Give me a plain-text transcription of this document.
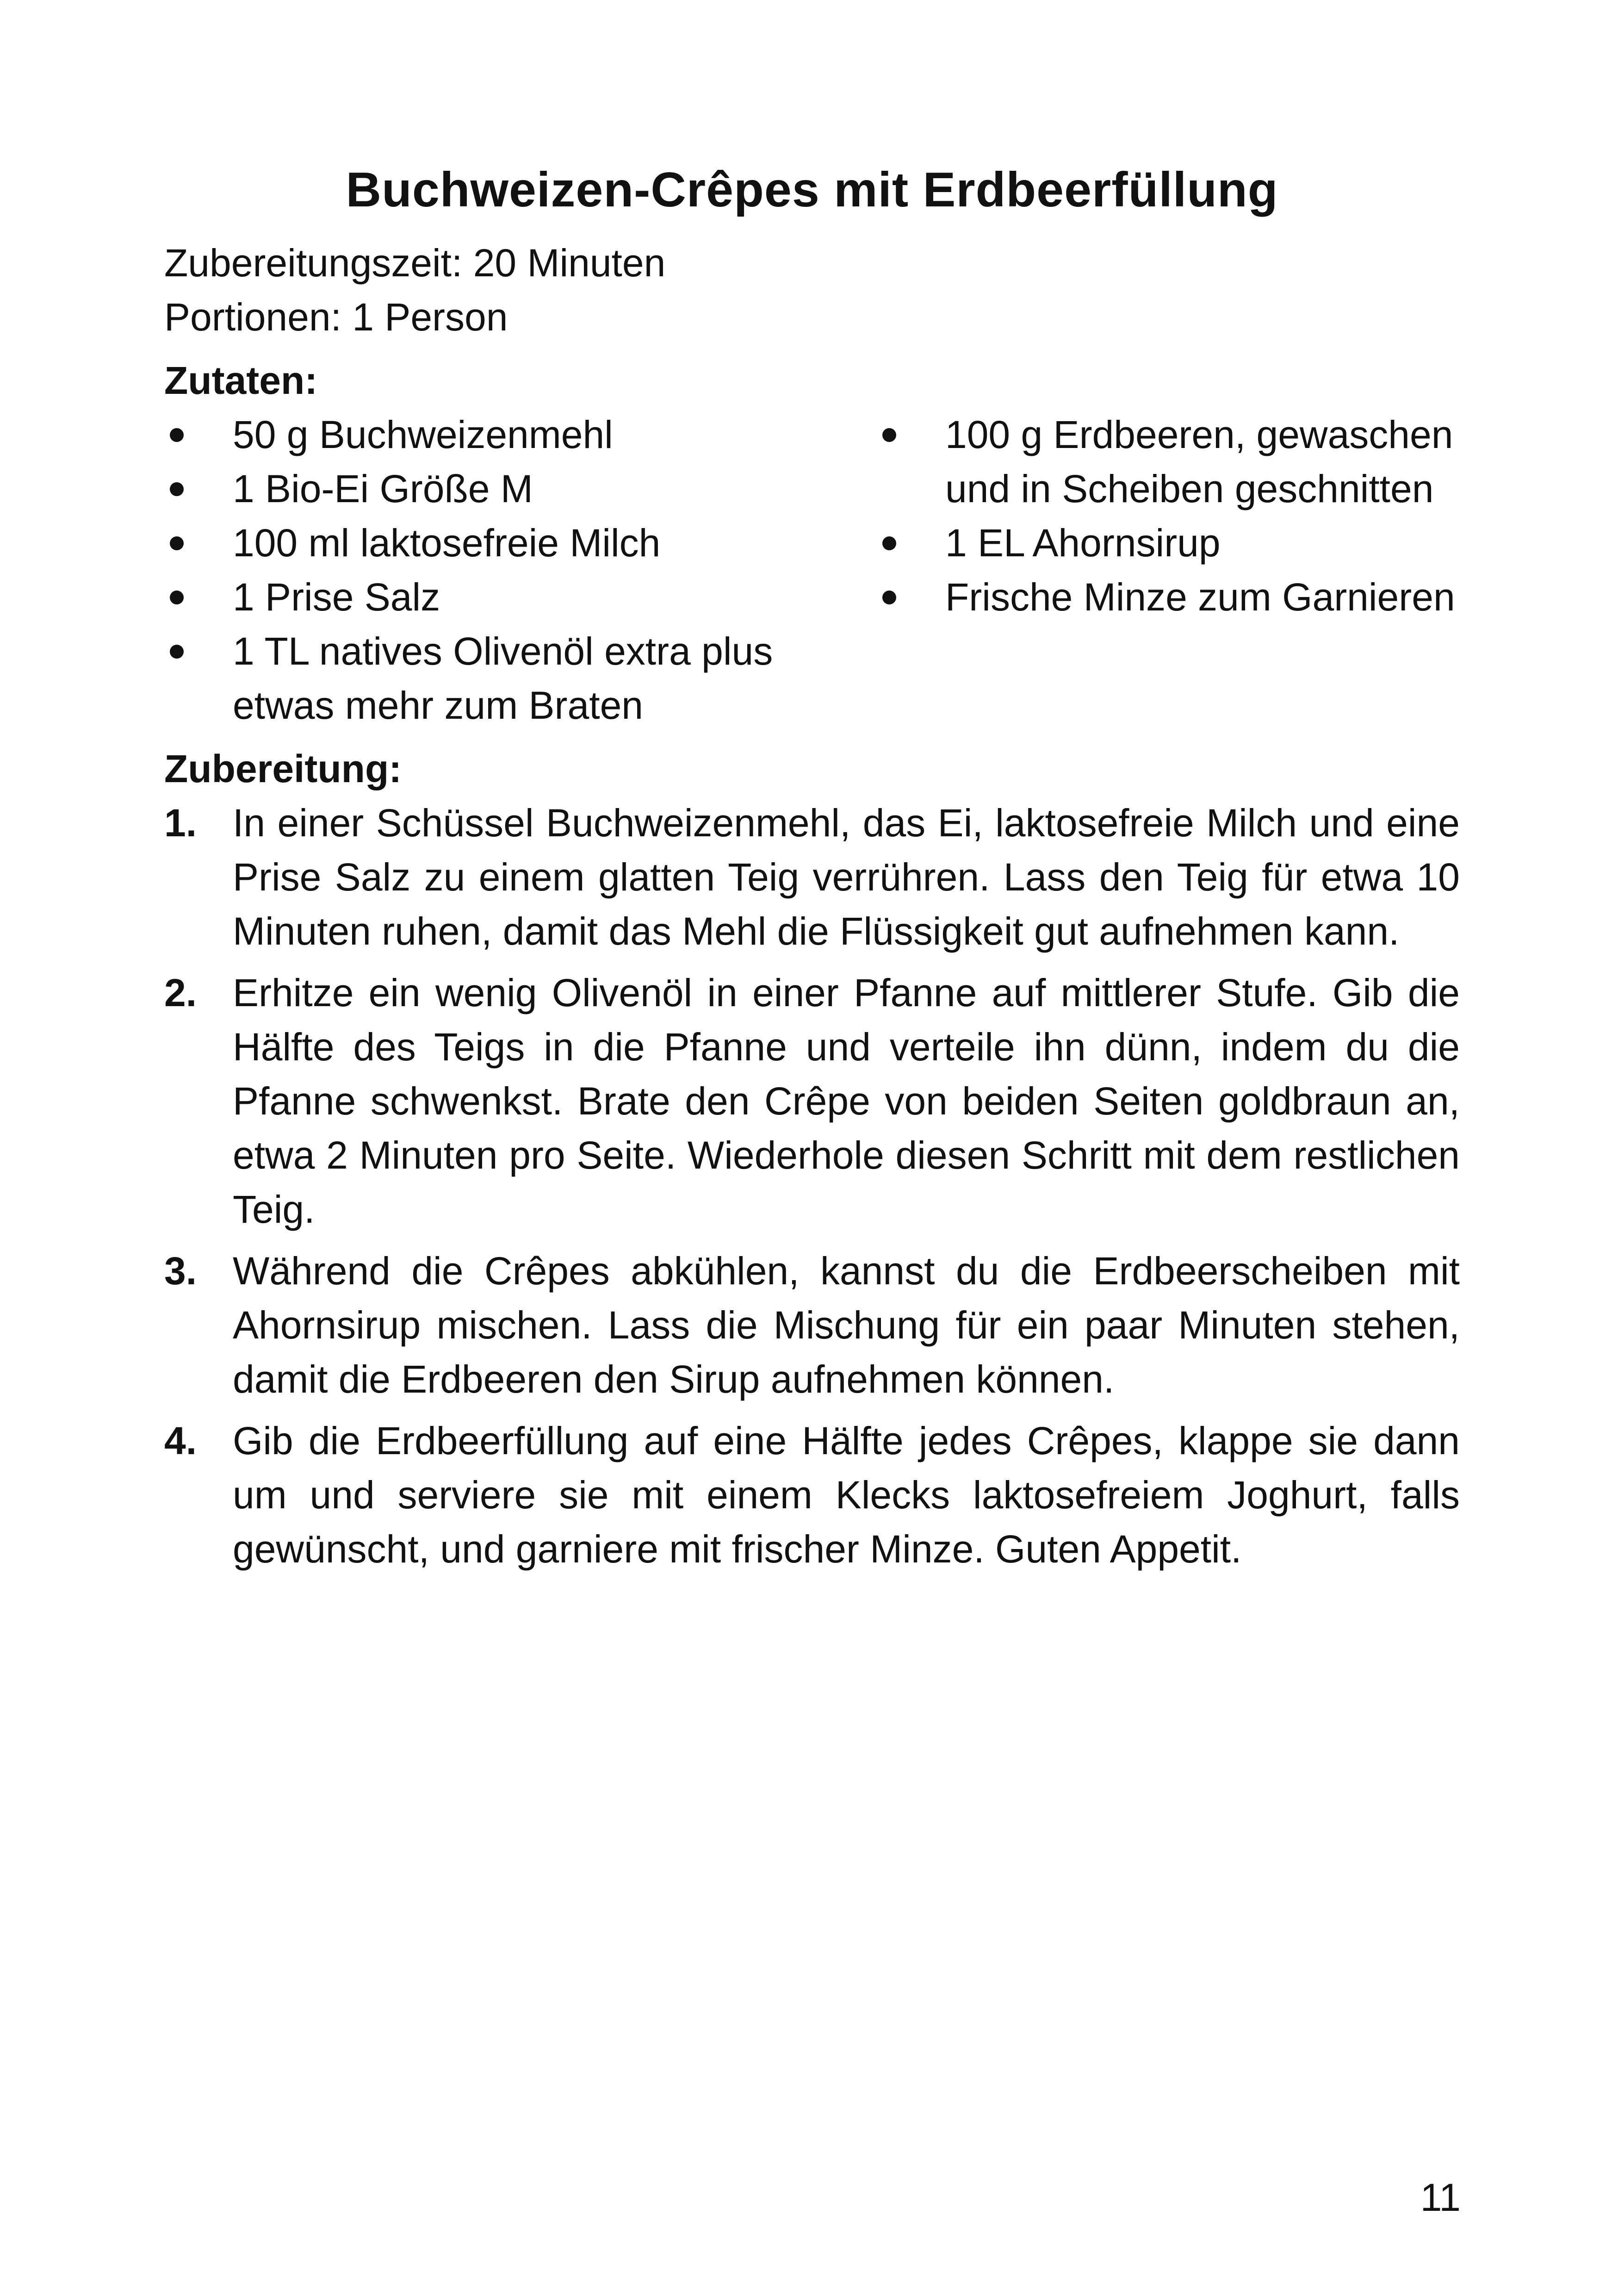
Buchweizen-Crêpes mit Erdbeerfüllung

Zubereitungszeit: 20 Minuten

Portionen: 1 Person

Zutaten:

50 g Buchweizenmehl
1 Bio-Ei Größe M
100 ml laktosefreie Milch
1 Prise Salz
1 TL natives Olivenöl extra plus etwas mehr zum Braten
100 g Erdbeeren, gewaschen und in Scheiben geschnitten
1 EL Ahornsirup
Frische Minze zum Garnieren

Zubereitung:

1. In einer Schüssel Buchweizenmehl, das Ei, laktosefreie Milch und eine Prise Salz zu einem glatten Teig verrühren. Lass den Teig für etwa 10 Minuten ruhen, damit das Mehl die Flüssigkeit gut aufnehmen kann.
2. Erhitze ein wenig Olivenöl in einer Pfanne auf mittlerer Stufe. Gib die Hälfte des Teigs in die Pfanne und verteile ihn dünn, indem du die Pfanne schwenkst. Brate den Crêpe von beiden Seiten goldbraun an, etwa 2 Minuten pro Seite. Wiederhole diesen Schritt mit dem restlichen Teig.
3. Während die Crêpes abkühlen, kannst du die Erdbeerscheiben mit Ahornsirup mischen. Lass die Mischung für ein paar Minuten stehen, damit die Erdbeeren den Sirup aufnehmen können.
4. Gib die Erdbeerfüllung auf eine Hälfte jedes Crêpes, klappe sie dann um und serviere sie mit einem Klecks laktosefreiem Joghurt, falls gewünscht, und garniere mit frischer Minze. Guten Appetit.
11
